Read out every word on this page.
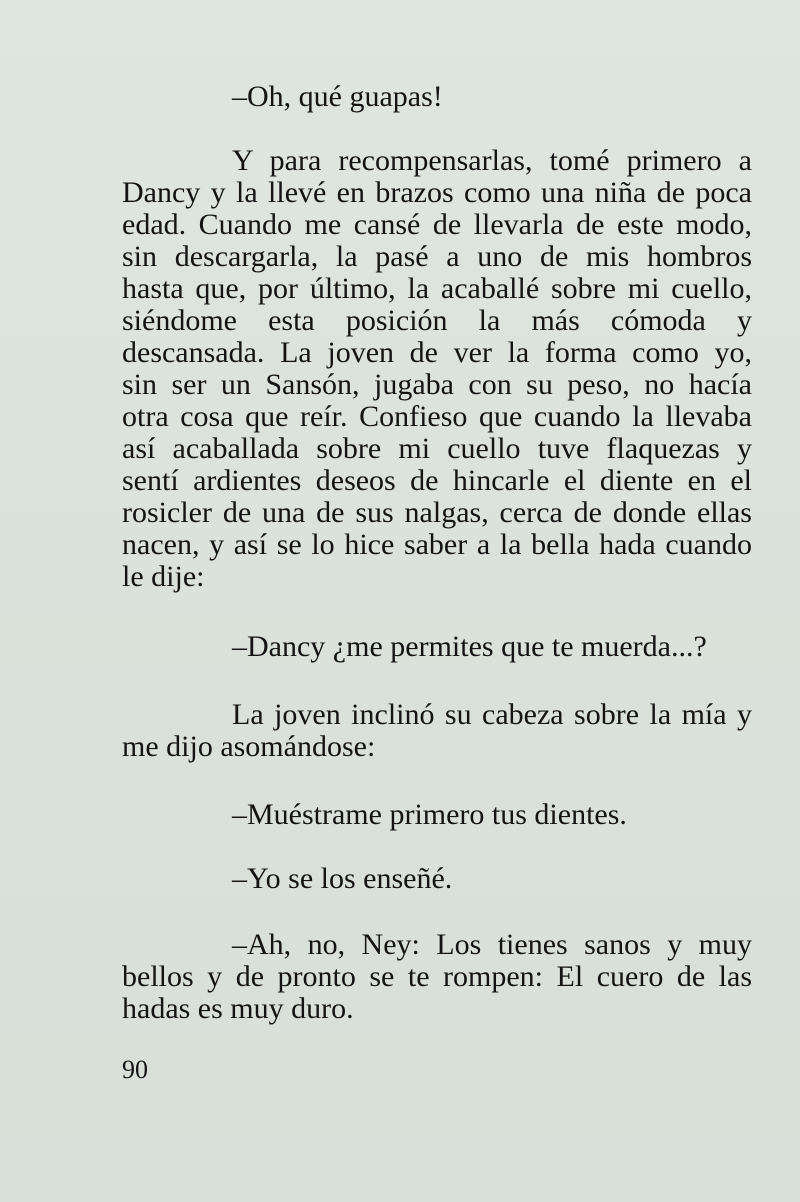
–Oh, qué guapas!
Y para recompensarlas, tomé primero a
Dancy y la llevé en brazos como una niña de poca
edad. Cuando me cansé de llevarla de este modo,
sin descargarla, la pasé a uno de mis hombros
hasta que, por último, la acaballé sobre mi cuello,
siéndome esta posición la más cómoda y
descansada. La joven de ver la forma como yo,
sin ser un Sansón, jugaba con su peso, no hacía
otra cosa que reír. Confieso que cuando la llevaba
así acaballada sobre mi cuello tuve flaquezas y
sentí ardientes deseos de hincarle el diente en el
rosicler de una de sus nalgas, cerca de donde ellas
nacen, y así se lo hice saber a la bella hada cuando
le dije:
–Dancy ¿me permites que te muerda...?
La joven inclinó su cabeza sobre la mía y
me dijo asomándose:
–Muéstrame primero tus dientes.
–Yo se los enseñé.
–Ah, no, Ney: Los tienes sanos y muy
bellos y de pronto se te rompen: El cuero de las
hadas es muy duro.
90
